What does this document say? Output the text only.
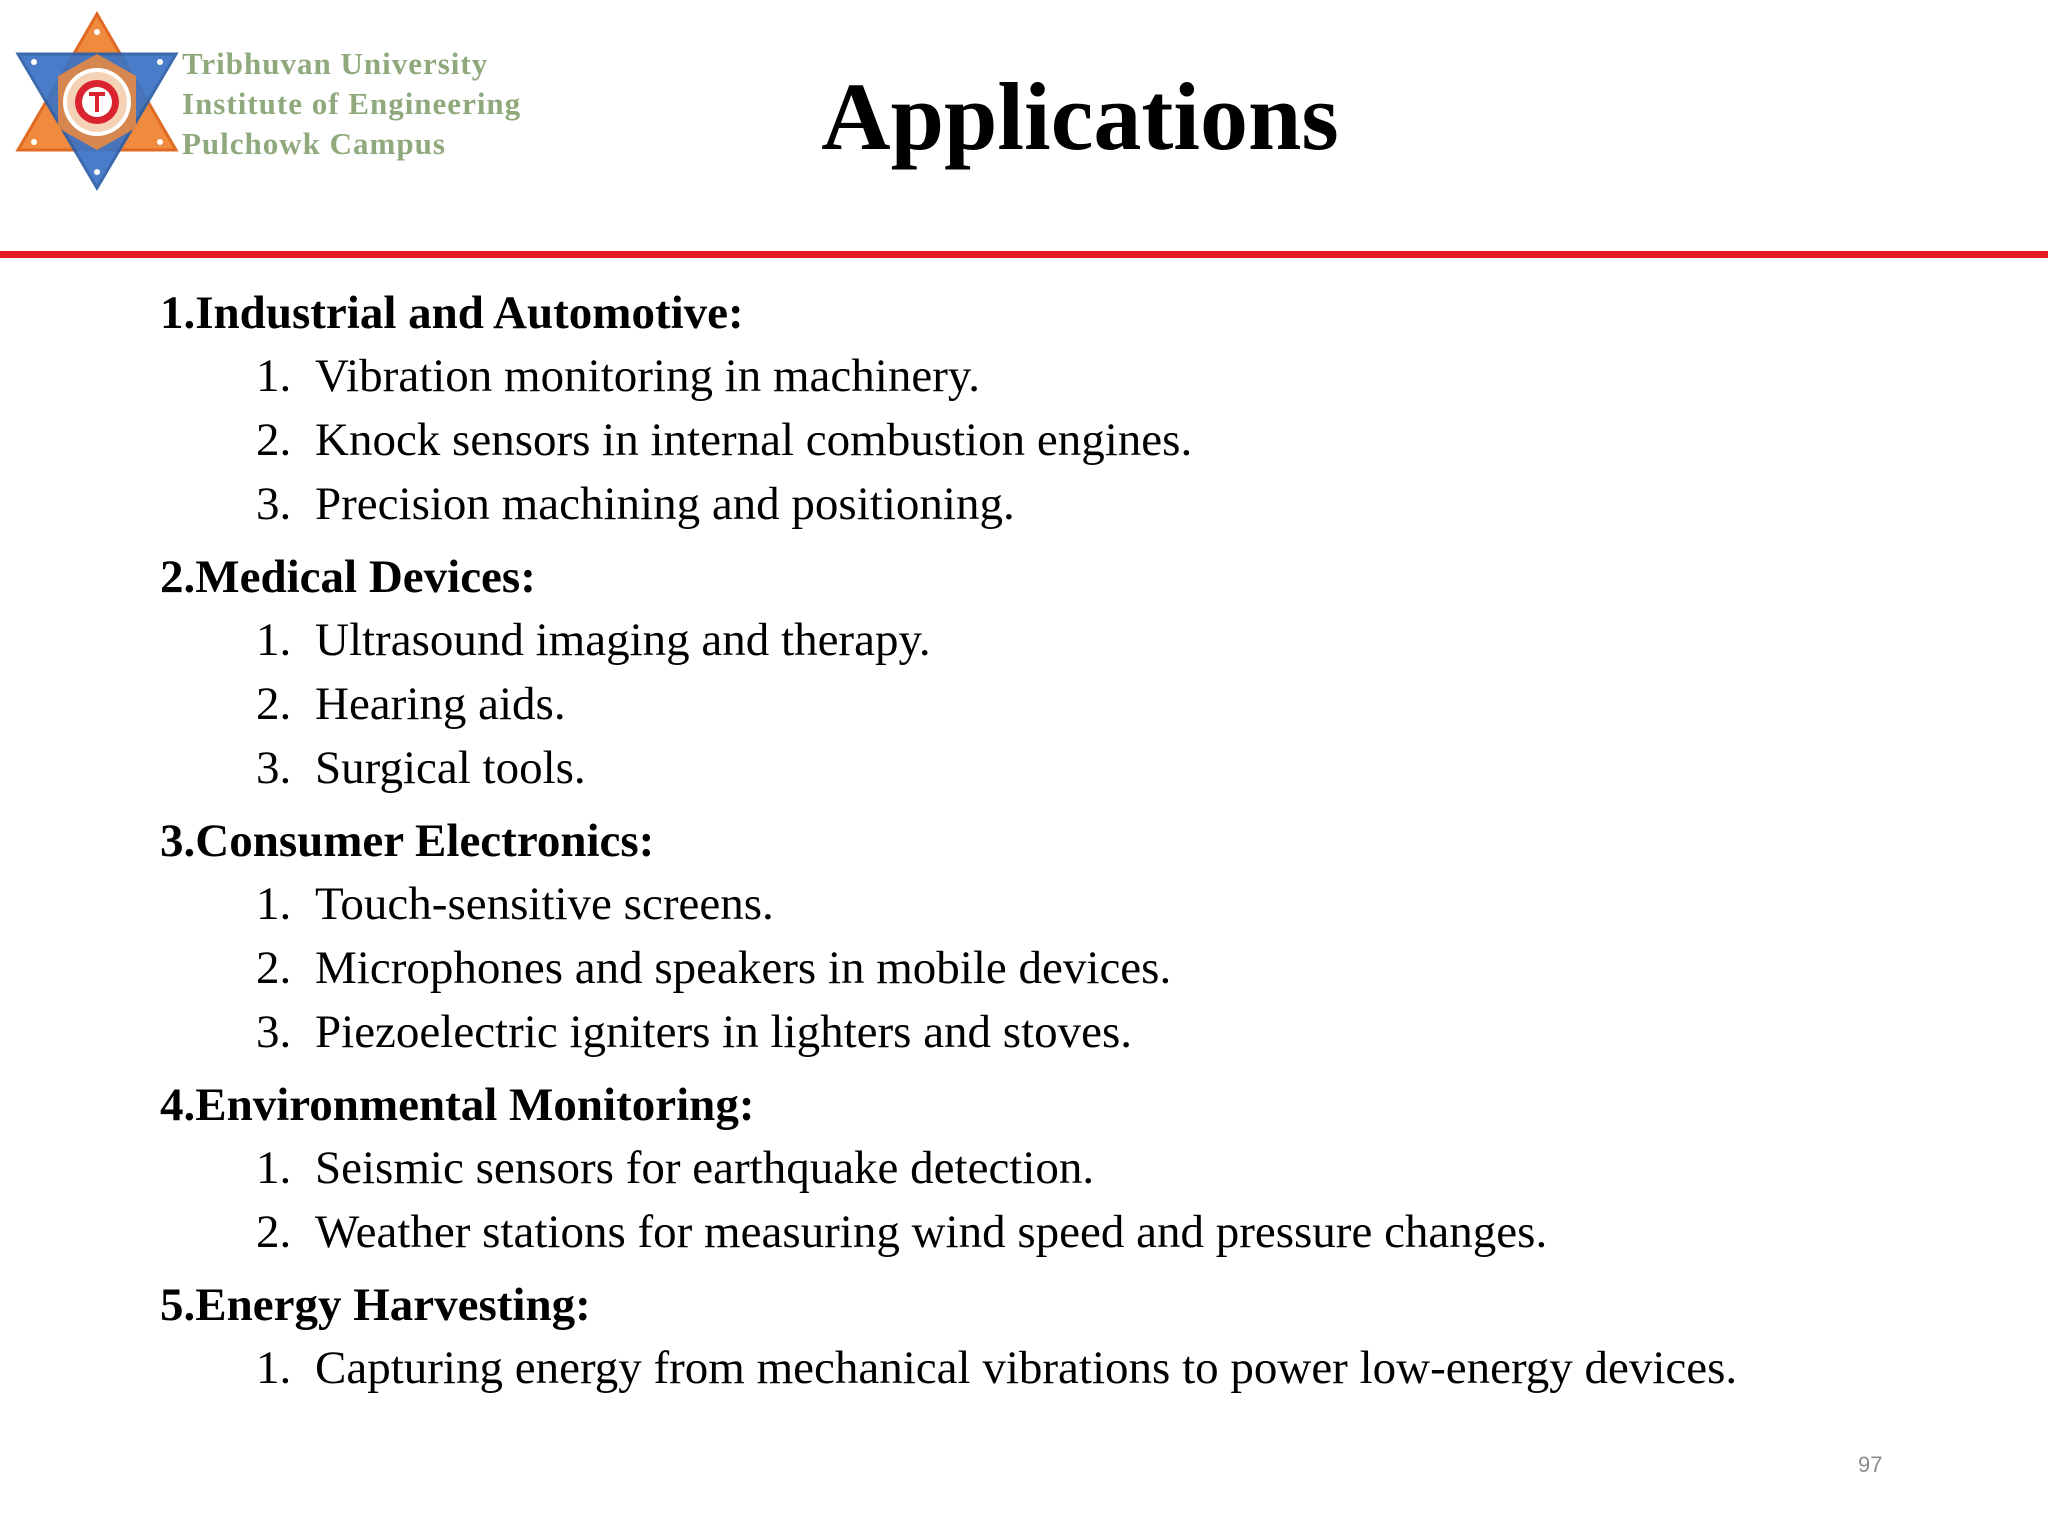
Tribhuvan University
Institute of Engineering
Pulchowk Campus	Applications
1.Industrial and Automotive:
1. Vibration monitoring in machinery.
2. Knock sensors in internal combustion engines.
3. Precision machining and positioning.
2.Medical Devices:
1. Ultrasound imaging and therapy.
2. Hearing aids.
3. Surgical tools.
3.Consumer Electronics:
1. Touch-sensitive screens.
2. Microphones and speakers in mobile devices.
3. Piezoelectric igniters in lighters and stoves.
4.Environmental Monitoring:
1. Seismic sensors for earthquake detection.
2. Weather stations for measuring wind speed and pressure changes.
5.Energy Harvesting:
1. Capturing energy from mechanical vibrations to power low-energy devices.
97
